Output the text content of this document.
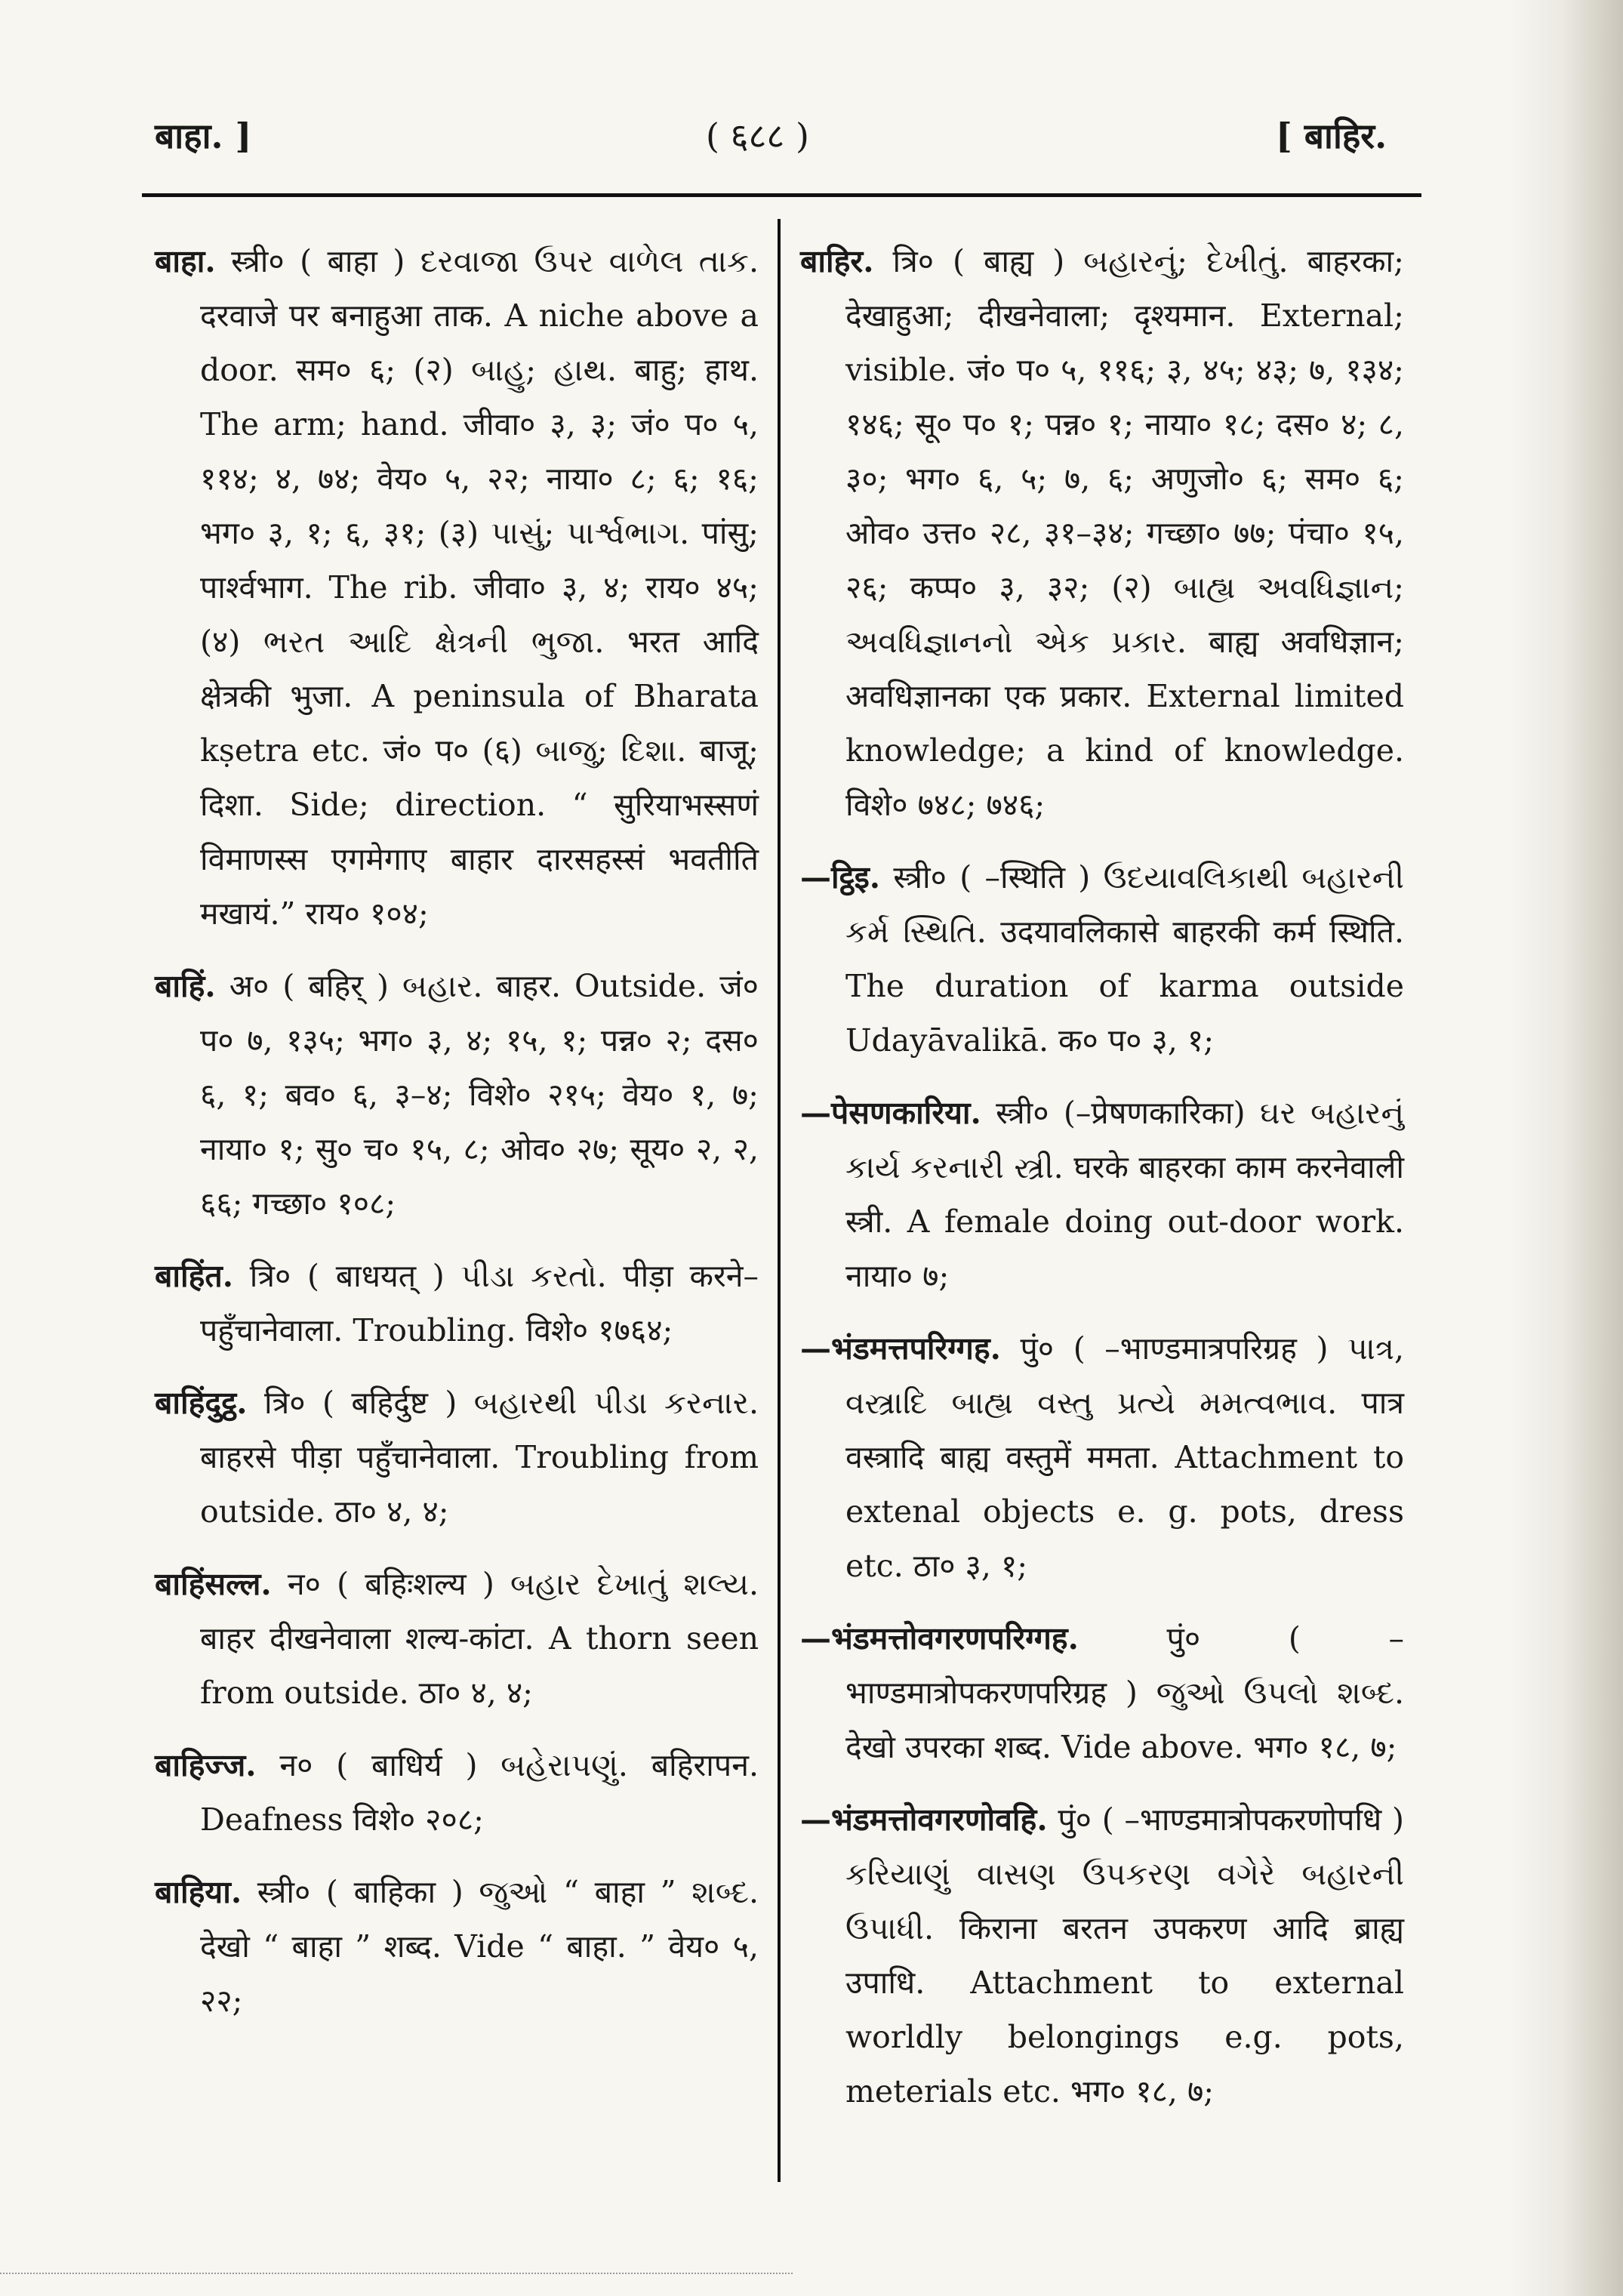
बाहा. ]	( ६८८ )	[ बाहिर.

बाहा. स्त्री० ( बाहा ) દરવાજા ઉપર વાળેલ તાક. दरवाजे पर बनाहुआ ताक. A niche above a door. सम० ६; (२) બાહુ; હાથ. बाहु; हाथ. The arm; hand. जीवा० ३, ३; जं० प० ५, ११४; ४, ७४; वेय० ५, २२; नाया० ८; ६; १६; भग० ३, १; ६, ३१; (३) પાસું; પાર્શ્વભાગ. पांसु; पार्श्वभाग. The rib. जीवा० ३, ४; राय० ४५; (४) ભરત આદિ ક્ષેત્રની ભુજા. भरत आदि क्षेत्रकी भुजा. A peninsula of Bharata kṣetra etc. जं० प० (६) બાજુ; દિશા. बाजू; दिशा. Side; direction. “ सुरियाभस्सणं विमाणस्स एगमेगाए बाहार दारसहस्सं भवतीति मखायं.” राय० १०४;

बाहिं. अ० ( बहिर् ) બહાર. बाहर. Outside. जं० प० ७, १३५; भग० ३, ४; १५, १; पन्न० २; दस० ६, १; बव० ६, ३–४; विशे० २१५; वेय० १, ७; नाया० १; सु० च० १५, ८; ओव० २७; सूय० २, २, ६६; गच्छा० १०८;

बाहिंत. त्रि० ( बाधयत् ) પીડા કરતો. पीड़ा करने–पहुँचानेवाला. Troubling. विशे० १७६४;

बाहिंदुट्ठ. त्रि० ( बहिर्दुष्ट ) બહારથી પીડા કરનાર. बाहरसे पीड़ा पहुँचानेवाला. Troubling from outside. ठा० ४, ४;

बाहिंसल्ल. न० ( बहिःशल्य ) બહાર દેખાતું શલ્ય. बाहर दीखनेवाला शल्य-कांटा. A thorn seen from outside. ठा० ४, ४;

बाहिज्ज. न० ( बाधिर्य ) બહેરાપણું. बहिरापन. Deafness विशे० २०८;

बाहिया. स्त्री० ( बाहिका ) જુઓ “ बाहा ” શબ્દ. देखो “ बाहा ” शब्द. Vide “ बाहा. ” वेय० ५, २२;

बाहिर. त्रि० ( बाह्य ) બહારનું; દેખીતું. बाहरका; देखाहुआ; दीखनेवाला; दृश्यमान. External; visible. जं० प० ५, ११६; ३, ४५; ४३; ७, १३४; १४६; सू० प० १; पन्न० १; नाया० १८; दस० ४; ८, ३०; भग० ६, ५; ७, ६; अणुजो० ६; सम० ६; ओव० उत्त० २८, ३१–३४; गच्छा० ७७; पंचा० १५, २६; कप्प० ३, ३२; (२) બાહ્ય અવધિજ્ઞાન; અવધિજ્ઞાનનો એક પ્રકાર. बाह्य अवधिज्ञान; अवधिज्ञानका एक प्रकार. External limited knowledge; a kind of knowledge. विशे० ७४८; ७४६;

—ट्ठिइ. स्त्री० ( –स्थिति ) ઉદયાવલિકાથી બહારની કર્મ સ્થિતિ. उदयावलिकासे बाहरकी कर्म स्थिति. The duration of karma outside Udayāvalikā. क० प० ३, १;

—पेसणकारिया. स्त्री० (–प्रेषणकारिका) ઘર બહારનું કાર્ય કરનારી સ્ત્રી. घरके बाहरका काम करनेवाली स्त्री. A female doing out-door work. नाया० ७;

—भंडमत्तपरिग्गह. पुं० ( –भाण्डमात्रपरिग्रह ) પાત્ર, વસ્ત્રાદિ બાહ્ય વસ્તુ પ્રત્યે મમત્વભાવ. पात्र वस्त्रादि बाह्य वस्तुमें ममता. Attachment to extenal objects e. g. pots, dress etc. ठा० ३, १;

—भंडमत्तोवगरणपरिग्गह.	पुं० ( –भाण्डमात्रोपकरणपरिग्रह ) જુઓ ઉપલો શબ્દ. देखो उपरका शब्द. Vide above. भग० १८, ७;

—भंडमत्तोवगरणोवहि. पुं० ( –भाण्डमात्रोपकरणोपधि ) કરિયાણું વાસણ ઉપકરણ વગેરે બહારની ઉપાધી. किराना बरतन उपकरण आदि ब्राह्य उपाधि. Attachment to external worldly belongings e.g. pots, meterials etc. भग० १८, ७;
